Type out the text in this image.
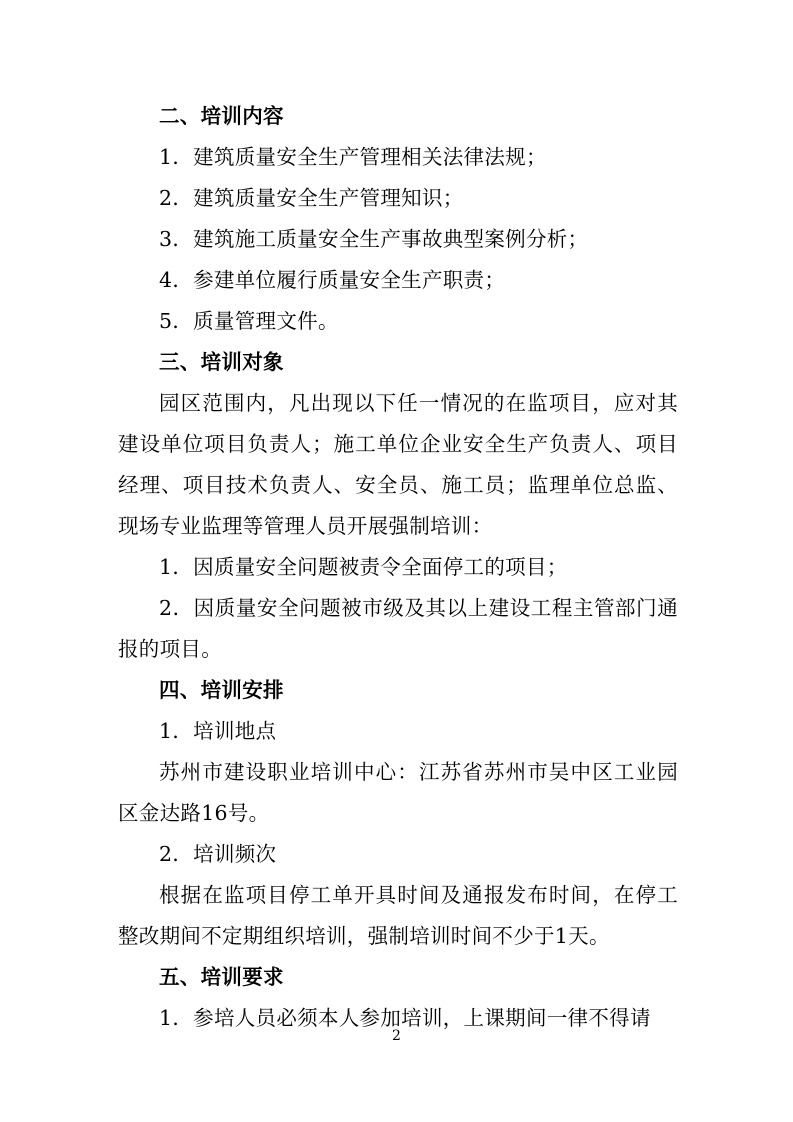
二、培训内容

1．建筑质量安全生产管理相关法律法规；

2．建筑质量安全生产管理知识；

3．建筑施工质量安全生产事故典型案例分析；

4．参建单位履行质量安全生产职责；

5．质量管理文件。

三、培训对象

园区范围内，凡出现以下任一情况的在监项目，应对其建设单位项目负责人；施工单位企业安全生产负责人、项目经理、项目技术负责人、安全员、施工员；监理单位总监、现场专业监理等管理人员开展强制培训：

1．因质量安全问题被责令全面停工的项目；

2．因质量安全问题被市级及其以上建设工程主管部门通报的项目。

四、培训安排

1．培训地点

苏州市建设职业培训中心：江苏省苏州市吴中区工业园区金达路16号。

2．培训频次

根据在监项目停工单开具时间及通报发布时间，在停工整改期间不定期组织培训，强制培训时间不少于1天。

五、培训要求

1．参培人员必须本人参加培训，上课期间一律不得请

2
